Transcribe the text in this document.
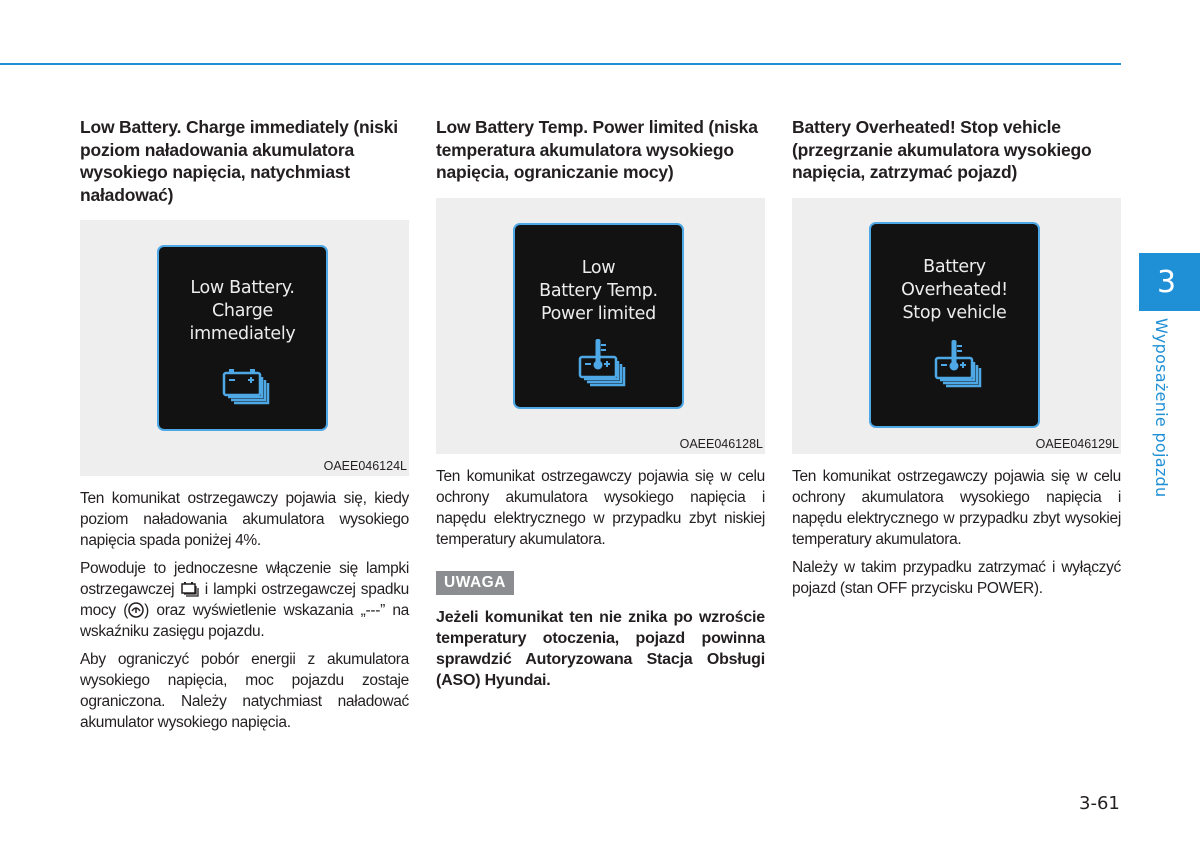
Low Battery. Charge immediately (niski poziom naładowania akumulatora wysokiego napięcia, natychmiast naładować)

Low Battery.
Charge
immediately

OAEE046124L

Ten komunikat ostrzegawczy pojawia się, kiedy poziom naładowania akumulatora wysokiego napięcia spada poniżej 4%.

Powoduje to jednoczesne włączenie się lampki ostrzegawczej  i lampki ostrzegawczej spadku mocy ( ) oraz wyświetlenie wskazania „---” na wskaźniku zasięgu pojazdu.

Aby ograniczyć pobór energii z akumulatora wysokiego napięcia, moc pojazdu zostaje ograniczona. Należy natychmiast naładować akumulator wysokiego napięcia.

Low Battery Temp. Power limited (niska temperatura akumulatora wysokiego napięcia, ograniczanie mocy)

Low
Battery Temp.
Power limited

OAEE046128L

Ten komunikat ostrzegawczy pojawia się w celu ochrony akumulatora wysokiego napięcia i napędu elektrycznego w przypadku zbyt niskiej temperatury akumulatora.

UWAGA

Jeżeli komunikat ten nie znika po wzroście temperatury otoczenia, pojazd powinna sprawdzić Autoryzowana Stacja Obsługi (ASO) Hyundai.

Battery Overheated! Stop vehicle (przegrzanie akumulatora wysokiego napięcia, zatrzymać pojazd)

Battery
Overheated!
Stop vehicle

OAEE046129L

Ten komunikat ostrzegawczy pojawia się w celu ochrony akumulatora wysokiego napięcia i napędu elektrycznego w przypadku zbyt wysokiej temperatury akumulatora.

Należy w takim przypadku zatrzymać i wyłączyć pojazd (stan OFF przycisku POWER).

3
Wyposażenie pojazdu
3-61
